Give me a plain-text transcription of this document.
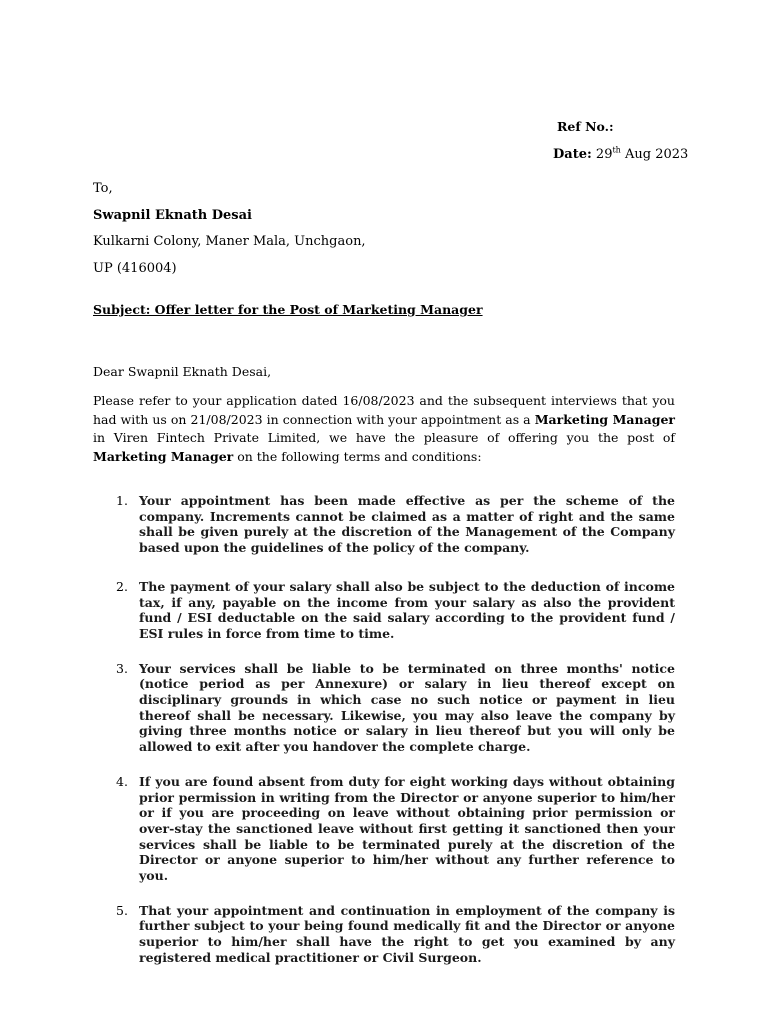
Ref No.:
Date: 29th Aug 2023
To,
Swapnil Eknath Desai
Kulkarni Colony, Maner Mala, Unchgaon,
UP (416004)
Subject: Offer letter for the Post of Marketing Manager
Dear Swapnil Eknath Desai,
Please refer to your application dated 16/08/2023 and the subsequent interviews that you had with us on 21/08/2023 in connection with your appointment as a Marketing Manager in Viren Fintech Private Limited, we have the pleasure of offering you the post of Marketing Manager on the following terms and conditions:
1. Your appointment has been made effective as per the scheme of the company. Increments cannot be claimed as a matter of right and the same shall be given purely at the discretion of the Management of the Company based upon the guidelines of the policy of the company.
2. The payment of your salary shall also be subject to the deduction of income tax, if any, payable on the income from your salary as also the provident fund / ESI deductable on the said salary according to the provident fund / ESI rules in force from time to time.
3. Your services shall be liable to be terminated on three months' notice (notice period as per Annexure) or salary in lieu thereof except on disciplinary grounds in which case no such notice or payment in lieu thereof shall be necessary. Likewise, you may also leave the company by giving three months notice or salary in lieu thereof but you will only be allowed to exit after you handover the complete charge.
4. If you are found absent from duty for eight working days without obtaining prior permission in writing from the Director or anyone superior to him/her or if you are proceeding on leave without obtaining prior permission or over-stay the sanctioned leave without first getting it sanctioned then your services shall be liable to be terminated purely at the discretion of the Director or anyone superior to him/her without any further reference to you.
5. That your appointment and continuation in employment of the company is further subject to your being found medically fit and the Director or anyone superior to him/her shall have the right to get you examined by any registered medical practitioner or Civil Surgeon.
